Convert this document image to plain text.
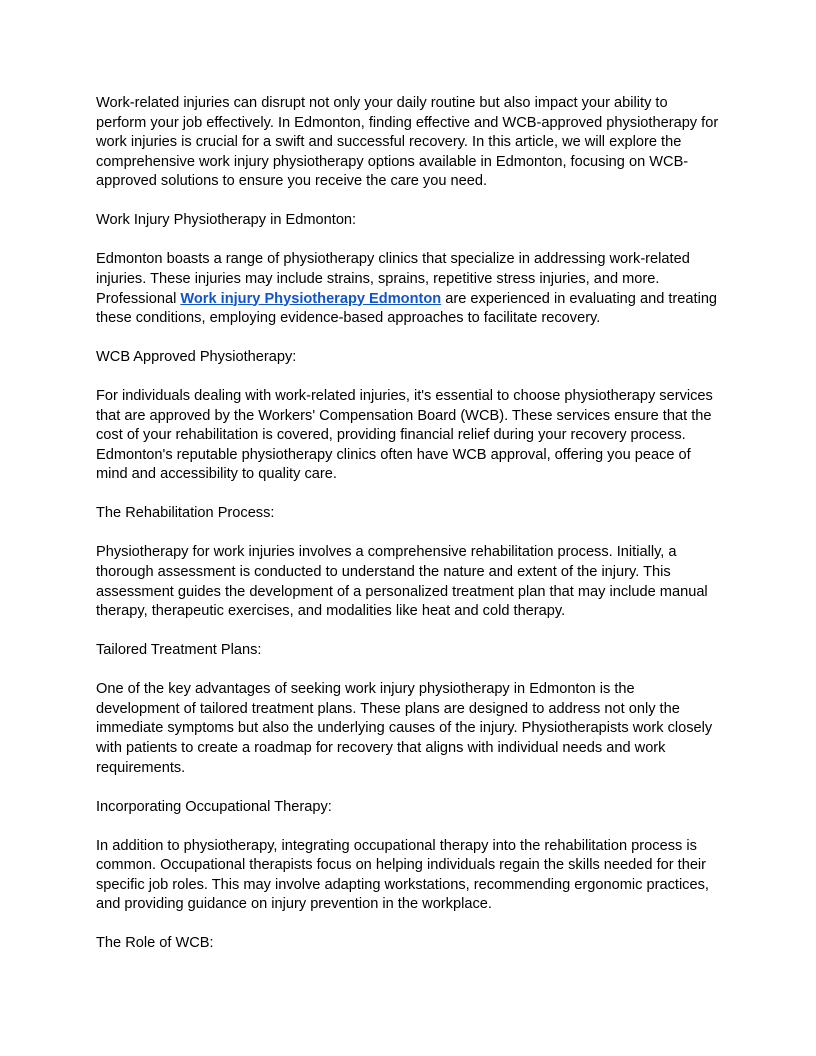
Work-related injuries can disrupt not only your daily routine but also impact your ability to perform your job effectively. In Edmonton, finding effective and WCB-approved physiotherapy for work injuries is crucial for a swift and successful recovery. In this article, we will explore the comprehensive work injury physiotherapy options available in Edmonton, focusing on WCB-approved solutions to ensure you receive the care you need.

Work Injury Physiotherapy in Edmonton:

Edmonton boasts a range of physiotherapy clinics that specialize in addressing work-related injuries. These injuries may include strains, sprains, repetitive stress injuries, and more. Professional Work injury Physiotherapy Edmonton are experienced in evaluating and treating these conditions, employing evidence-based approaches to facilitate recovery.

WCB Approved Physiotherapy:

For individuals dealing with work-related injuries, it's essential to choose physiotherapy services that are approved by the Workers' Compensation Board (WCB). These services ensure that the cost of your rehabilitation is covered, providing financial relief during your recovery process. Edmonton's reputable physiotherapy clinics often have WCB approval, offering you peace of mind and accessibility to quality care.

The Rehabilitation Process:

Physiotherapy for work injuries involves a comprehensive rehabilitation process. Initially, a thorough assessment is conducted to understand the nature and extent of the injury. This assessment guides the development of a personalized treatment plan that may include manual therapy, therapeutic exercises, and modalities like heat and cold therapy.

Tailored Treatment Plans:

One of the key advantages of seeking work injury physiotherapy in Edmonton is the development of tailored treatment plans. These plans are designed to address not only the immediate symptoms but also the underlying causes of the injury. Physiotherapists work closely with patients to create a roadmap for recovery that aligns with individual needs and work requirements.

Incorporating Occupational Therapy:

In addition to physiotherapy, integrating occupational therapy into the rehabilitation process is common. Occupational therapists focus on helping individuals regain the skills needed for their specific job roles. This may involve adapting workstations, recommending ergonomic practices, and providing guidance on injury prevention in the workplace.

The Role of WCB:
